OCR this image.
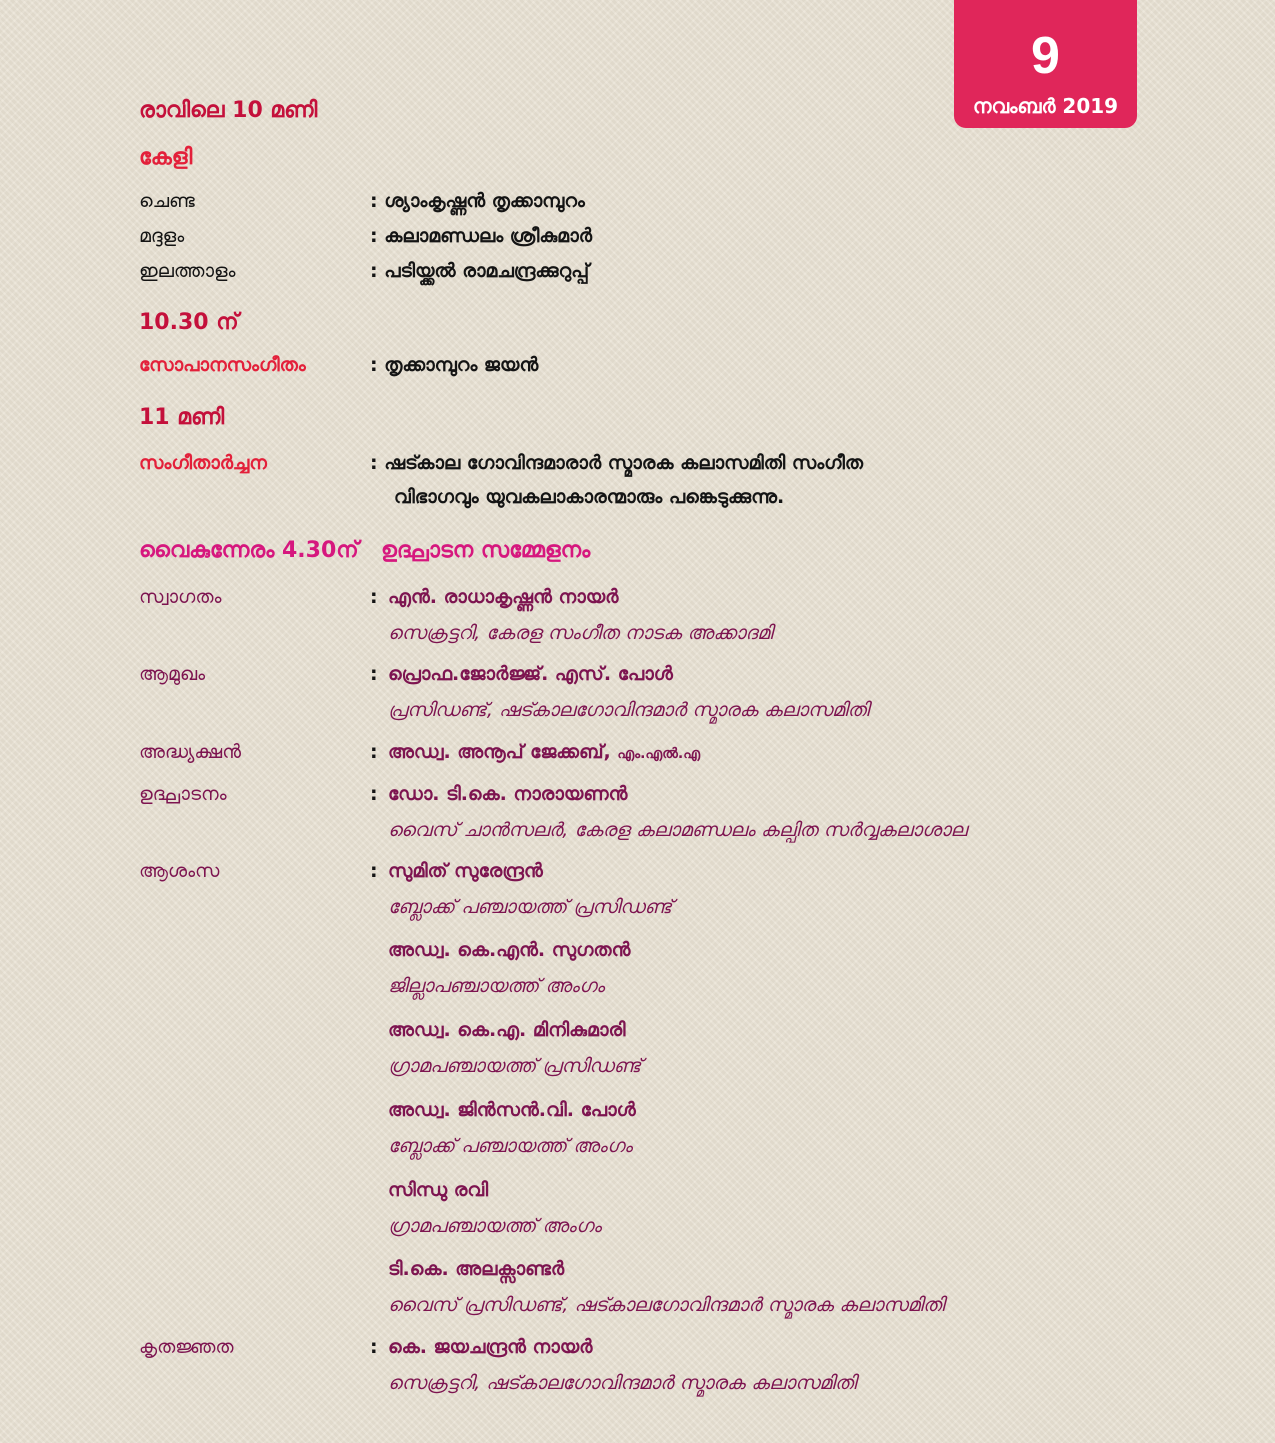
9
നവംബർ 2019
രാവിലെ 10 മണി
കേളി
ചെണ്ട	: ശ്യാംകൃഷ്ണൻ തൃക്കാമ്പുറം
മദ്ദളം	: കലാമണ്ഡലം ശ്രീകുമാർ
ഇലത്താളം	: പടിയ്ക്കൽ രാമചന്ദ്രക്കുറുപ്പ്
10.30 ന്
സോപാനസംഗീതം	: തൃക്കാമ്പുറം ജയൻ
11 മണി
സംഗീതാർച്ചന	: ഷട്കാല ഗോവിന്ദമാരാർ സ്മാരക കലാസമിതി സംഗീത
വിഭാഗവും യുവകലാകാരന്മാരും പങ്കെടുക്കുന്നു.
വൈകുന്നേരം 4.30ന് ഉദ്ഘാടന സമ്മേളനം
സ്വാഗതം	: എൻ. രാധാകൃഷ്ണൻ നായർ
സെക്രട്ടറി, കേരള സംഗീത നാടക അക്കാദമി
ആമുഖം	: പ്രൊഫ.ജോർജ്ജ്. എസ്. പോൾ
പ്രസിഡണ്ട്, ഷട്കാലഗോവിന്ദമാർ സ്മാരക കലാസമിതി
അദ്ധ്യക്ഷൻ	: അഡ്വ. അനൂപ് ജേക്കബ്, എം.എൽ.എ
ഉദ്ഘാടനം	: ഡോ. ടി.കെ. നാരായണൻ
വൈസ് ചാൻസലർ, കേരള കലാമണ്ഡലം കല്പിത സർവ്വകലാശാല
ആശംസ	: സുമിത് സുരേന്ദ്രൻ
ബ്ലോക്ക് പഞ്ചായത്ത് പ്രസിഡണ്ട്
അഡ്വ. കെ.എൻ. സുഗതൻ
ജില്ലാപഞ്ചായത്ത് അംഗം
അഡ്വ. കെ.എ. മിനികുമാരി
ഗ്രാമപഞ്ചായത്ത് പ്രസിഡണ്ട്
അഡ്വ. ജിൻസൻ.വി. പോൾ
ബ്ലോക്ക് പഞ്ചായത്ത് അംഗം
സിന്ധു രവി
ഗ്രാമപഞ്ചായത്ത് അംഗം
ടി.കെ. അലക്സാണ്ടർ
വൈസ് പ്രസിഡണ്ട്, ഷട്കാലഗോവിന്ദമാർ സ്മാരക കലാസമിതി
കൃതജ്ഞത	: കെ. ജയചന്ദ്രൻ നായർ
സെക്രട്ടറി, ഷട്കാലഗോവിന്ദമാർ സ്മാരക കലാസമിതി
